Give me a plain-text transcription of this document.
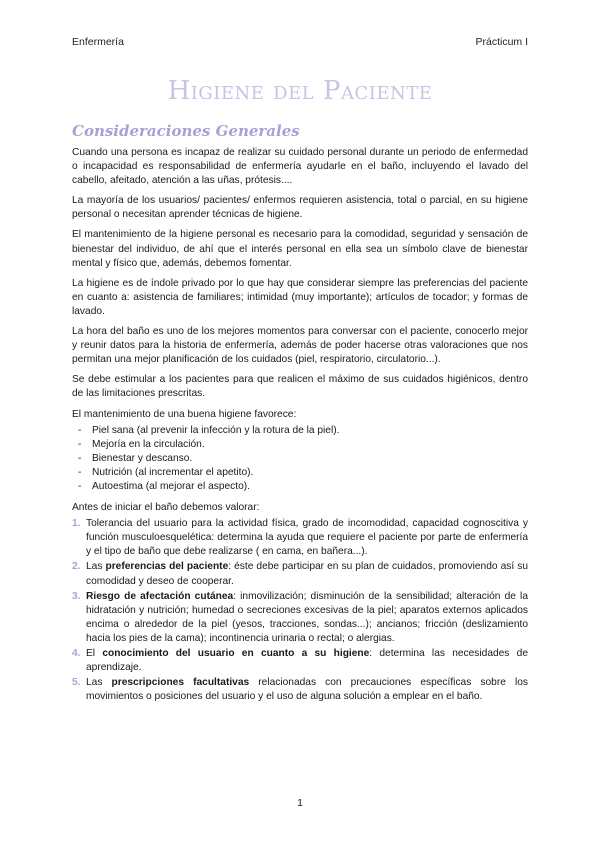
Enfermería	Prácticum I
Higiene del Paciente
Consideraciones Generales

Cuando una persona es incapaz de realizar su cuidado personal durante un periodo de enfermedad o incapacidad es responsabilidad de enfermería ayudarle en el baño, incluyendo el lavado del cabello, afeitado, atención a las uñas, prótesis....

La mayoría de los usuarios/ pacientes/ enfermos requieren asistencia, total o parcial, en su higiene personal o necesitan aprender técnicas de higiene.

El mantenimiento de la higiene personal es necesario para la comodidad, seguridad y sensación de bienestar del individuo, de ahí que el interés personal en ella sea un símbolo clave de bienestar mental y físico que, además, debemos fomentar.

La higiene es de índole privado por lo que hay que considerar siempre las preferencias del paciente en cuanto a: asistencia de familiares; intimidad (muy importante); artículos de tocador; y formas de lavado.

La hora del baño es uno de los mejores momentos para conversar con el paciente, conocerlo mejor y reunir datos para la historia de enfermería, además de poder hacerse otras valoraciones que nos permitan una mejor planificación de los cuidados (piel, respiratorio, circulatorio...).

Se debe estimular a los pacientes para que realicen el máximo de sus cuidados higiénicos, dentro de las limitaciones prescritas.

El mantenimiento de una buena higiene favorece:

- Piel sana (al prevenir la infección y la rotura de la piel).
- Mejoría en la circulación.
- Bienestar y descanso.
- Nutrición (al incrementar el apetito).
- Autoestima (al mejorar el aspecto).

Antes de iniciar el baño debemos valorar:

1. Tolerancia del usuario para la actividad física, grado de incomodidad, capacidad cognoscitiva y función musculoesquelética: determina la ayuda que requiere el paciente por parte de enfermería y el tipo de baño que debe realizarse ( en cama, en bañera...).
2. Las preferencias del paciente: éste debe participar en su plan de cuidados, promoviendo así su comodidad y deseo de cooperar.
3. Riesgo de afectación cutánea: inmovilización; disminución de la sensibilidad; alteración de la hidratación y nutrición; humedad o secreciones excesivas de la piel; aparatos externos aplicados encima o alrededor de la piel (yesos, tracciones, sondas...); ancianos; fricción (deslizamiento hacia los pies de la cama); incontinencia urinaria o rectal; o alergias.
4. El conocimiento del usuario en cuanto a su higiene: determina las necesidades de aprendizaje.
5. Las prescripciones facultativas relacionadas con precauciones específicas sobre los movimientos o posiciones del usuario y el uso de alguna solución a emplear en el baño.
1
